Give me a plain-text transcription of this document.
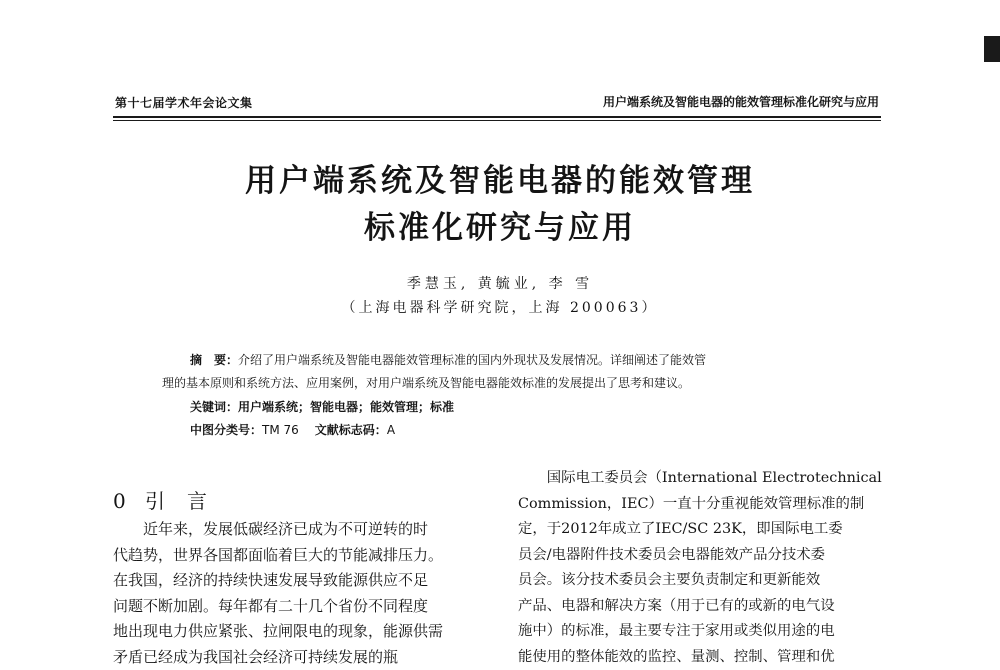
第十七届学术年会论文集	用户端系统及智能电器的能效管理标准化研究与应用
用户端系统及智能电器的能效管理
标准化研究与应用
季慧玉, 黄毓业, 李 雪
（上海电器科学研究院，上海 200063）
摘　要：介绍了用户端系统及智能电器能效管理标准的国内外现状及发展情况。详细阐述了能效管
理的基本原则和系统方法、应用案例，对用户端系统及智能电器能效标准的发展提出了思考和建议。
关键词：用户端系统；智能电器；能效管理；标准
中图分类号：TM 76 文献标志码：A
0 引 言
　　近年来，发展低碳经济已成为不可逆转的时
代趋势，世界各国都面临着巨大的节能减排压力。
在我国，经济的持续快速发展导致能源供应不足
问题不断加剧。每年都有二十几个省份不同程度
地出现电力供应紧张、拉闸限电的现象，能源供需
矛盾已经成为我国社会经济可持续发展的瓶
　　国际电工委员会（International Electrotechnical
Commission，IEC）一直十分重视能效管理标准的制
定，于2012年成立了IEC/SC 23K，即国际电工委
员会/电器附件技术委员会电器能效产品分技术委
员会。该分技术委员会主要负责制定和更新能效
产品、电器和解决方案（用于已有的或新的电气设
施中）的标准，最主要专注于家用或类似用途的电
能使用的整体能效的监控、量测、控制、管理和优
